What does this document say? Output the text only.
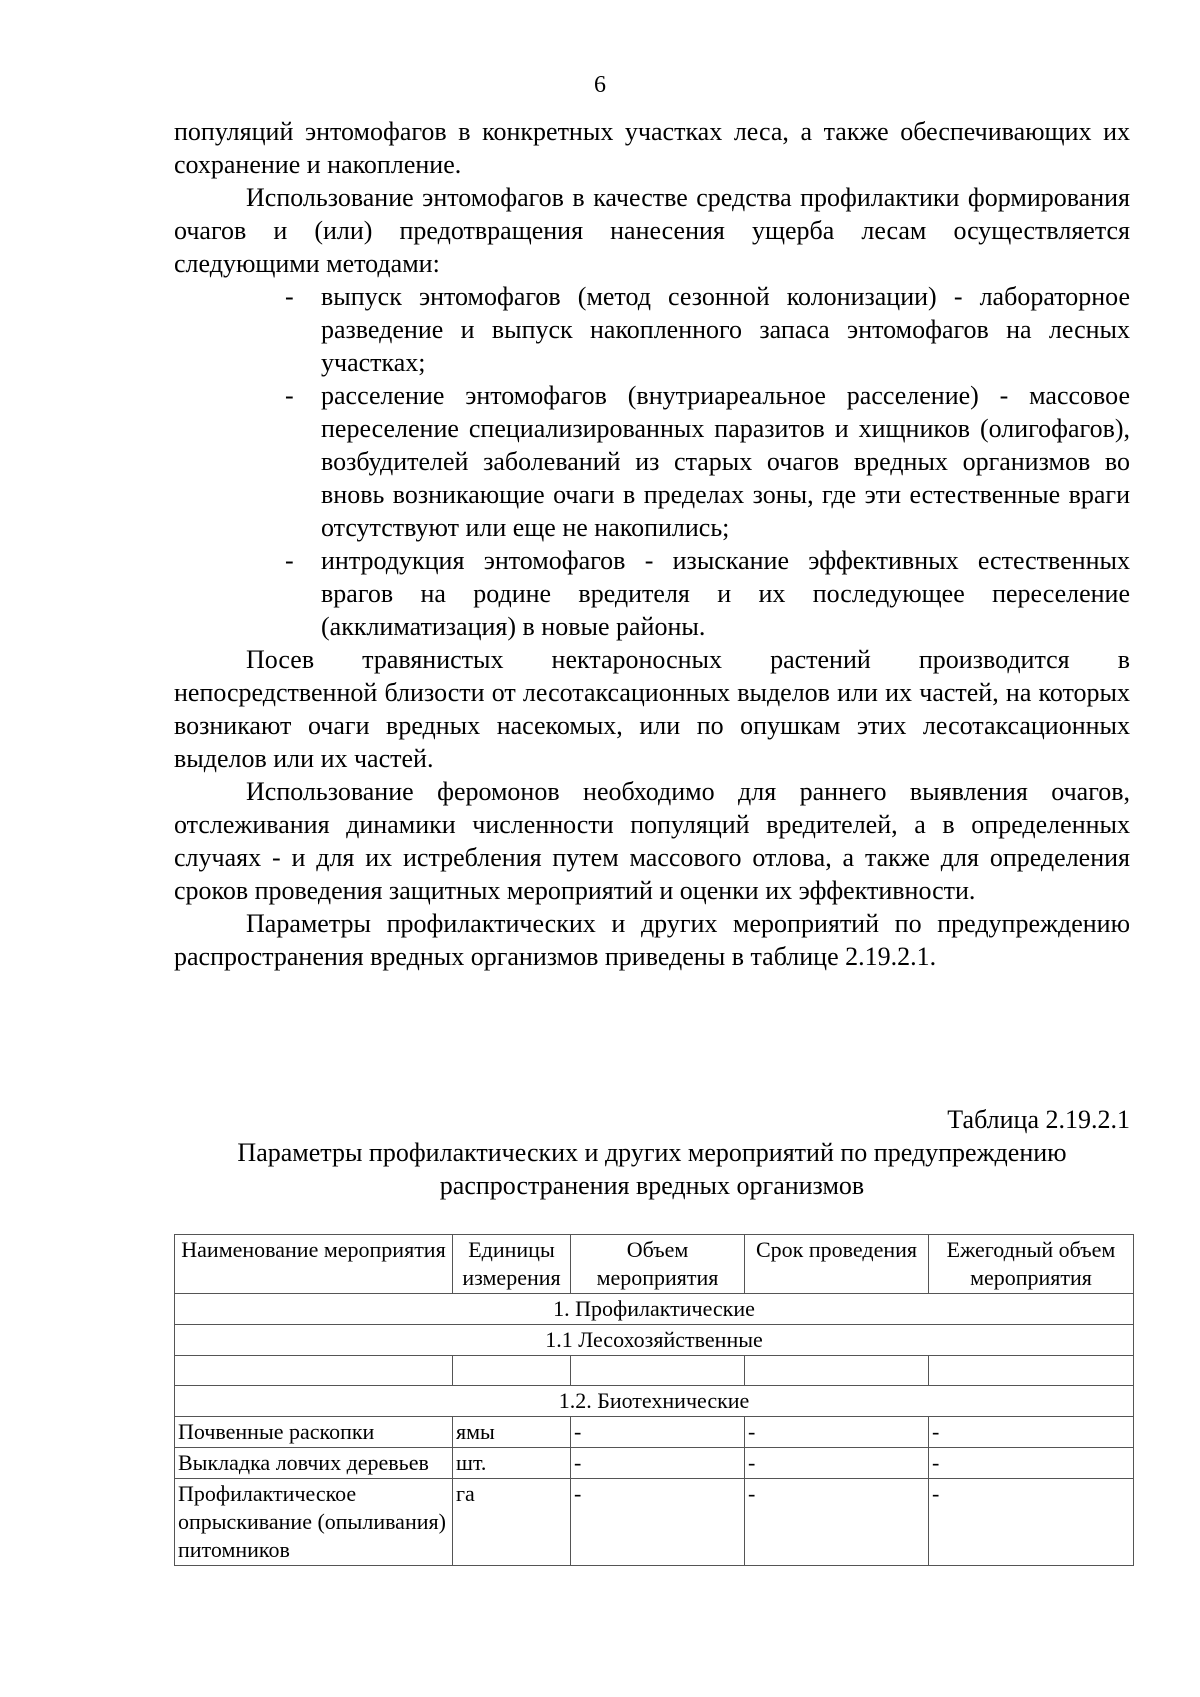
6

популяций энтомофагов в конкретных участках леса, а также обеспечивающих их сохранение и накопление.

Использование энтомофагов в качестве средства профилактики формирования очагов и (или) предотвращения нанесения ущерба лесам осуществляется следующими методами:

- выпуск энтомофагов (метод сезонной колонизации) - лабораторное разведение и выпуск накопленного запаса энтомофагов на лесных участках;
- расселение энтомофагов (внутриареальное расселение) - массовое переселение специализированных паразитов и хищников (олигофагов), возбудителей заболеваний из старых очагов вредных организмов во вновь возникающие очаги в пределах зоны, где эти естественные враги отсутствуют или еще не накопились;
- интродукция энтомофагов - изыскание эффективных естественных врагов на родине вредителя и их последующее переселение (акклиматизация) в новые районы.

Посев травянистых нектароносных растений производится в непосредственной близости от лесотаксационных выделов или их частей, на которых возникают очаги вредных насекомых, или по опушкам этих лесотаксационных выделов или их частей.

Использование феромонов необходимо для раннего выявления очагов, отслеживания динамики численности популяций вредителей, а в определенных случаях - и для их истребления путем массового отлова, а также для определения сроков проведения защитных мероприятий и оценки их эффективности.

Параметры профилактических и других мероприятий по предупреждению распространения вредных организмов приведены в таблице 2.19.2.1.

Таблица 2.19.2.1
Параметры профилактических и других мероприятий по предупреждению
распространения вредных организмов
Наименование мероприятия	Единицы измерения	Объем мероприятия	Срок проведения	Ежегодный объем мероприятия
1. Профилактические				
1.1 Лесохозяйственные				

1.2. Биотехнические				
Почвенные раскопки	ямы	-	-	-
Выкладка ловчих деревьев	шт.	-	-	-
Профилактическое опрыскивание (опыливания) питомников	га	-	-	-
